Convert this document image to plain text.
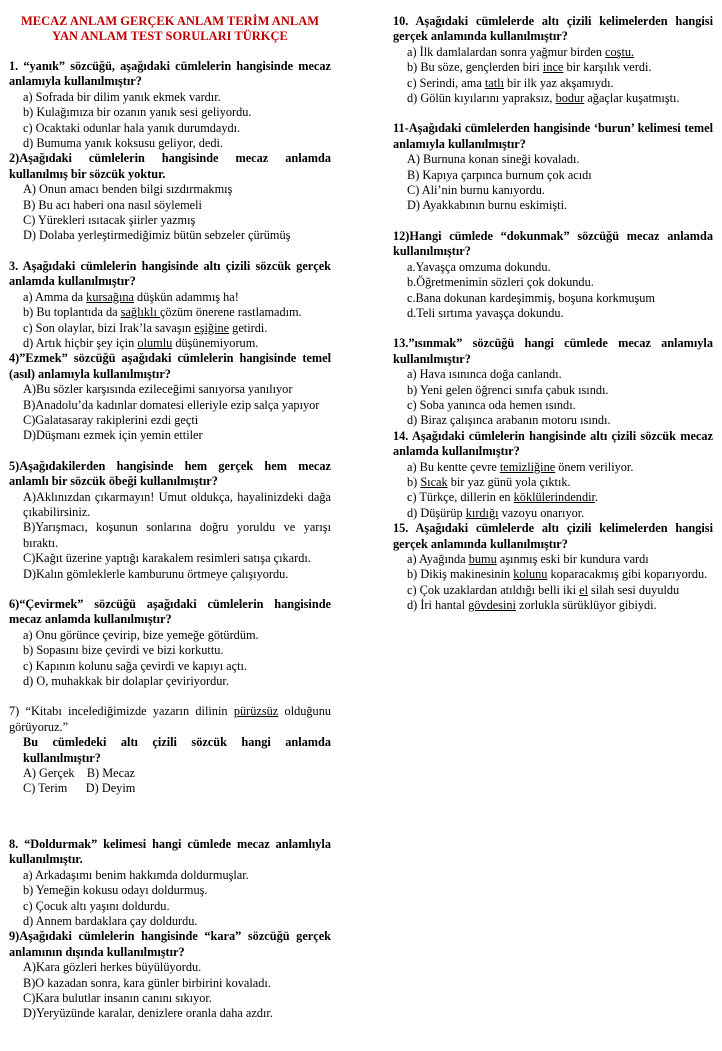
MECAZ ANLAM GERÇEK ANLAM TERİM ANLAM
YAN ANLAM TEST SORULARI TÜRKÇE
1. “yanık” sözcüğü, aşağıdaki cümlelerin hangisinde mecaz anlamıyla kullanılmıştır?
a) Sofrada bir dilim yanık ekmek vardır.
b) Kulağımıza bir ozanın yanık sesi geliyordu.
c) Ocaktaki odunlar hala yanık durumdaydı.
d) Bumuma yanık koksusu geliyor, dedi.
2)Aşağıdaki cümlelerin hangisinde mecaz anlamda kullanılmış bir sözcük yoktur.
A) Onun amacı benden bilgi sızdırmakmış
B) Bu acı haberi ona nasıl söylemeli
C) Yürekleri ısıtacak şiirler yazmış
D) Dolaba yerleştirmediğimiz bütün sebzeler çürümüş
3. Aşağıdaki cümlelerin hangisinde altı çizili sözcük gerçek anlamda kullanılmıştır?
a) Amma da kursağına düşkün adammış ha!
b) Bu toplantıda da sağlıklı çözüm önerene rastlamadım.
c) Son olaylar, bizi Irak’la savaşın eşiğine getirdi.
d) Artık hiçbir şey için olumlu düşünemiyorum.
4)”Ezmek” sözcüğü aşağıdaki cümlelerin hangisinde temel (asıl) anlamıyla kullanılmıştır?
A)Bu sözler karşısında ezileceğimi sanıyorsa yanılıyor
B)Anadolu’da kadınlar domatesi elleriyle ezip salça yapıyor
C)Galatasaray rakiplerini ezdi geçti
D)Düşmanı ezmek için yemin ettiler
5)Aşağıdakilerden hangisinde hem gerçek hem mecaz anlamlı bir sözcük öbeği kullanılmıştır?
A)Aklınızdan çıkarmayın! Umut oldukça, hayalinizdeki dağa çıkabilirsiniz.
B)Yarışmacı, koşunun sonlarına doğru yoruldu ve yarışı bıraktı.
C)Kağıt üzerine yaptığı karakalem resimleri satışa çıkardı.
D)Kalın gömleklerle kamburunu örtmeye çalışıyordu.
6)“Çevirmek” sözcüğü aşağıdaki cümlelerin hangisinde mecaz anlamda kullanılmıştır?
a) Onu görünce çevirip, bize yemeğe götürdüm.
b) Sopasını bize çevirdi ve bizi korkuttu.
c) Kapının kolunu sağa çevirdi ve kapıyı açtı.
d) O, muhakkak bir dolaplar çeviriyordur.
7) “Kitabı incelediğimizde yazarın dilinin pürüzsüz olduğunu görüyoruz.”
Bu cümledeki altı çizili sözcük hangi anlamda kullanılmıştır?
A) Gerçek B) Mecaz
C) Terim D) Deyim
8. “Doldurmak” kelimesi hangi cümlede mecaz anlamlıyla kullanılmıştır.
a) Arkadaşımı benim hakkımda doldurmuşlar.
b) Yemeğin kokusu odayı doldurmuş.
c) Çocuk altı yaşını doldurdu.
d) Annem bardaklara çay doldurdu.
9)Aşağıdaki cümlelerin hangisinde “kara” sözcüğü gerçek anlamının dışında kullanılmıştır?
A)Kara gözleri herkes büyülüyordu.
B)O kazadan sonra, kara günler birbirini kovaladı.
C)Kara bulutlar insanın canını sıkıyor.
D)Yeryüzünde karalar, denizlere oranla daha azdır.
10. Aşağıdaki cümlelerde altı çizili kelimelerden hangisi gerçek anlamında kullanılmıştır?
a) İlk damlalardan sonra yağmur birden coştu.
b) Bu söze, gençlerden biri ince bir karşılık verdi.
c) Serindi, ama tatlı bir ilk yaz akşamıydı.
d) Gölün kıyılarını yapraksız, bodur ağaçlar kuşatmıştı.
11-Aşağıdaki cümlelerden hangisinde ‘burun’ kelimesi temel anlamıyla kullanılmıştır?
A) Burnuna konan sineği kovaladı.
B) Kapıya çarpınca burnum çok acıdı
C) Ali’nin burnu kanıyordu.
D) Ayakkabının burnu eskimişti.
12)Hangi cümlede “dokunmak” sözcüğü mecaz anlamda kullanılmıştır?
a.Yavaşça omzuma dokundu.
b.Öğretmenimin sözleri çok dokundu.
c.Bana dokunan kardeşimmiş, boşuna korkmuşum
d.Teli sırtıma yavaşça dokundu.
13.”ısınmak” sözcüğü hangi cümlede mecaz anlamıyla kullanılmıştır?
a) Hava ısınınca doğa canlandı.
b) Yeni gelen öğrenci sınıfa çabuk ısındı.
c) Soba yanınca oda hemen ısındı.
d) Biraz çalışınca arabanın motoru ısındı.
14. Aşağıdaki cümlelerin hangisinde altı çizili sözcük mecaz anlamda kullanılmıştır?
a) Bu kentte çevre temizliğine önem veriliyor.
b) Sıcak bir yaz günü yola çıktık.
c) Türkçe, dillerin en köklülerindendir.
d) Düşürüp kırdığı vazoyu onarıyor.
15. Aşağıdaki cümlelerde altı çizili kelimelerden hangisi gerçek anlamında kullanılmıştır?
a) Ayağında bumu aşınmış eski bir kundura vardı
b) Dikiş makinesinin kolunu koparacakmış gibi koparıyordu.
c) Çok uzaklardan atıldığı belli iki el silah sesi duyuldu
d) İri hantal gövdesini zorlukla sürüklüyor gibiydi.
